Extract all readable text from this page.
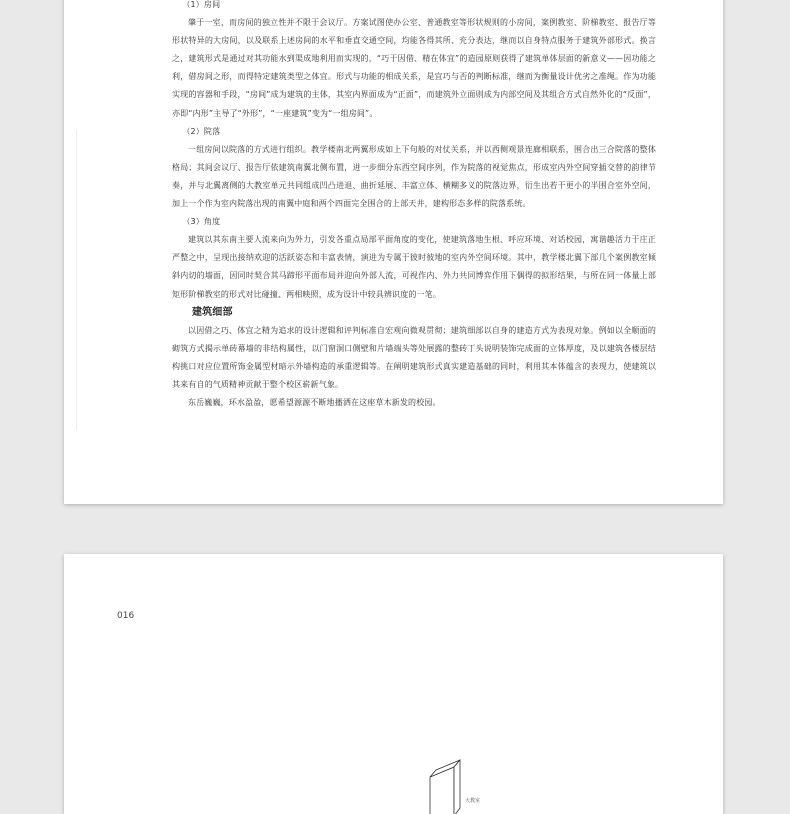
（1）房间

肇于一室，而房间的独立性并不限于会议厅。方案试图使办公室、普通教室等形状规则的小房间，案例教室、阶梯教室、报告厅等形状特异的大房间，以及联系上述房间的水平和垂直交通空间，均能各得其所、充分表达，继而以自身特点服务于建筑外部形式。换言之，建筑形式是通过对其功能水到渠成地利用而实现的，“巧于因借、精在体宜”的造园原则获得了建筑单体层面的新意义——因功能之利，借房间之形，而得特定建筑类型之体宜。形式与功能的相成关系，是宜巧与否的判断标准，继而为衡量设计优劣之准绳。作为功能实现的容器和手段，“房间”成为建筑的主体，其室内界面成为“正面”，而建筑外立面则成为内部空间及其组合方式自然外化的“反面”，亦即“内形”主导了“外形”，“一座建筑”变为“一组房间”。

（2）院落

一组房间以院落的方式进行组织。教学楼南北两翼形成如上下句般的对仗关系，并以西侧观景连廊相联系，围合出三合院落的整体格局；其间会议厅、报告厅依建筑南翼北侧布置，进一步细分东西空间序列，作为院落的视觉焦点，形成室内外空间穿插交替的韵律节奏，并与北翼离侧的大教室单元共同组成凹凸进退、曲折延展、丰富立体、横糊多义的院落边界，衍生出若干更小的半围合室外空间，加上一个作为室内院落出现的南翼中庭和两个四面完全围合的上部天井，建构形态多样的院落系统。

（3）角度

建筑以其东南主要人流来向为外力，引发各重点局部平面角度的变化，使建筑落地生根、呼应环境、对话校园，寓谐趣活力于庄正严整之中，呈现出接纳欢迎的活跃姿态和丰富表情，演进为专属于彼时彼地的室内外空间环境。其中，教学楼北翼下部几个案例教室倾斜内切的墙面，因同时契合其马蹄形平面布局并迎向外部人流，可视作内、外力共同博弈作用下偶得的拟形结果，与所在同一体量上部矩形阶梯教室的形式对比碰撞、两相映照，成为设计中较具辨识度的一笔。

建筑细部

以因借之巧、体宜之精为追求的设计逻辑和评判标准自宏观向微观贯彻；建筑细部以自身的建造方式为表现对象。例如以全顺面的砌筑方式揭示单砖幕墙的非结构属性，以门窗洞口侧壁和片墙端头等处展露的整砖丁头说明装饰完成面的立体厚度，及以建筑各楼层结构挑口对应位置所饰金属型材暗示外墙构造的承重逻辑等。在阐明建筑形式真实建造基础的同时，利用其本体蕴含的表现力，使建筑以其来有自的气质精神贡献于整个校区崭新气象。

东岳巍巍，环水盈盈，愿希望源源不断地播洒在这座草木新发的校园。

016
大教室
